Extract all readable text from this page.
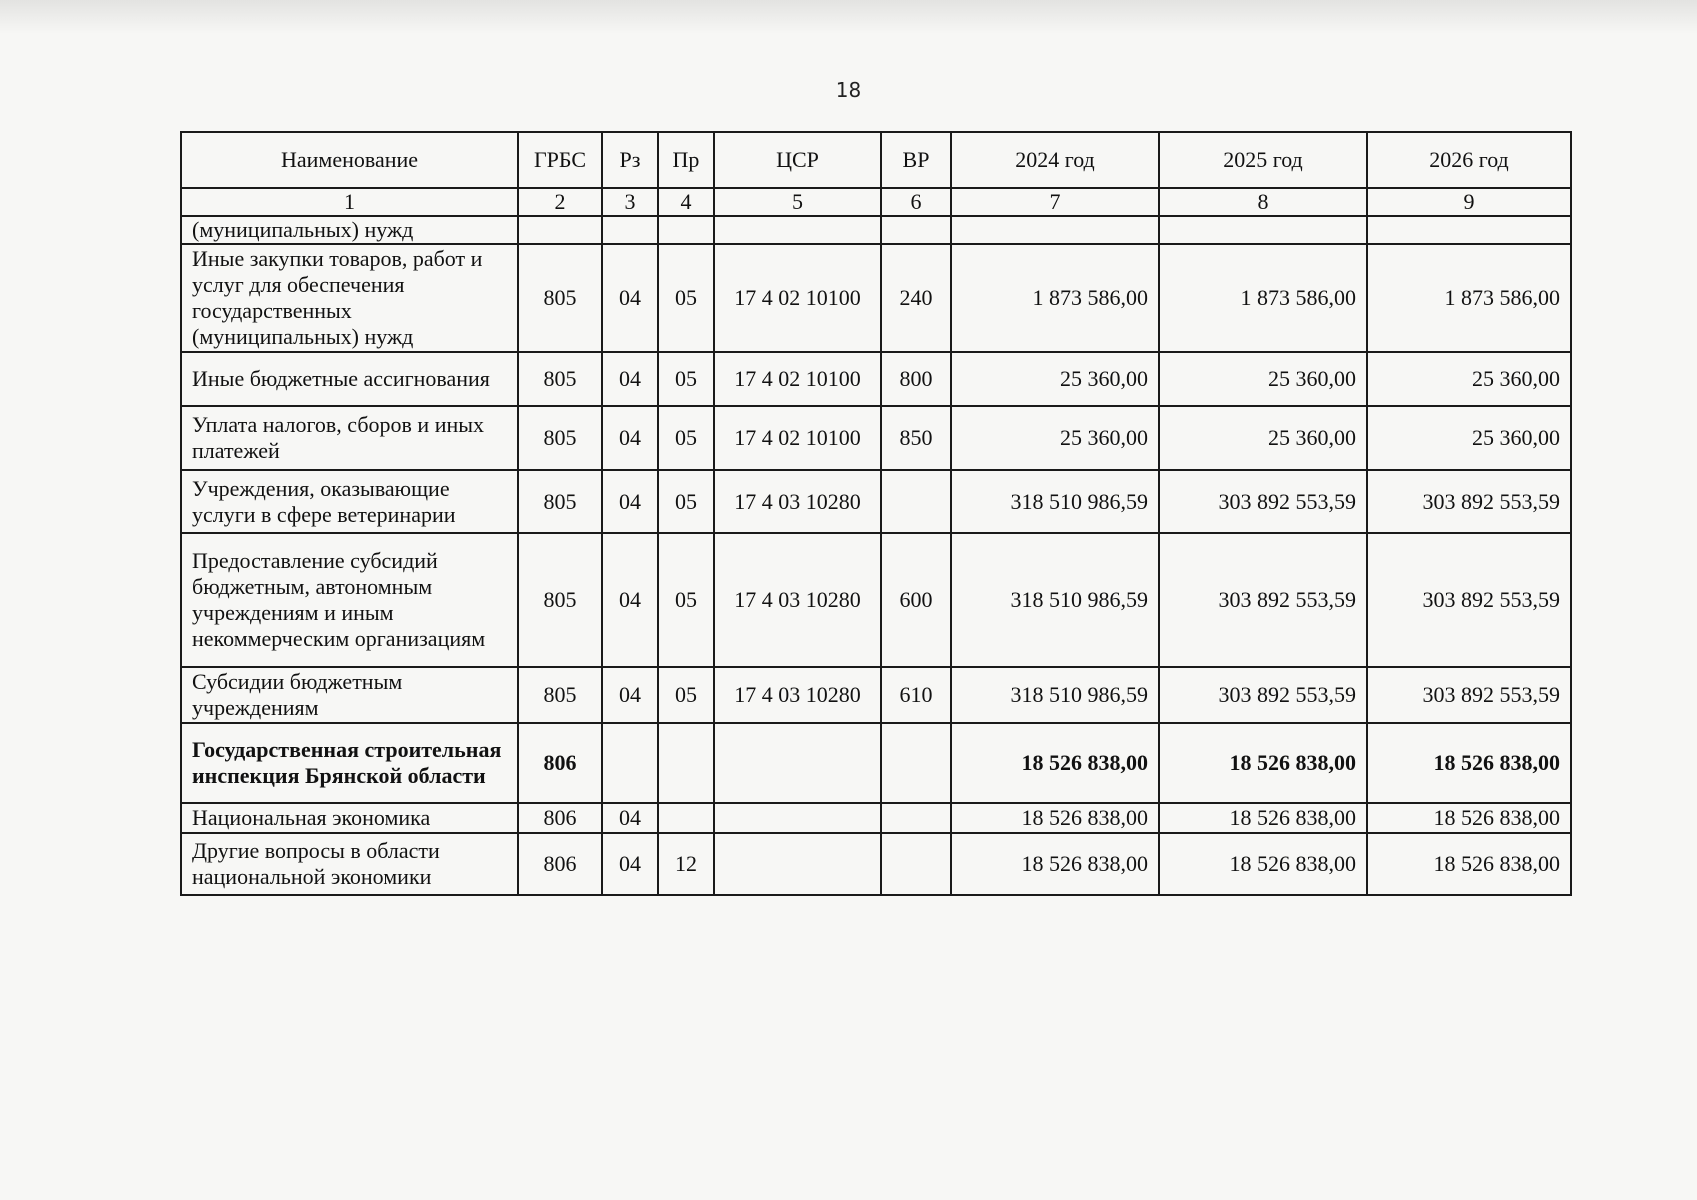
18
Наименование	ГРБС	Рз	Пр	ЦСР	ВР	2024 год	2025 год	2026 год
1	2	3	4	5	6	7	8	9
(муниципальных) нужд								
Иные закупки товаров, работ и услуг для обеспечения государственных (муниципальных) нужд	805	04	05	17 4 02 10100	240	1 873 586,00	1 873 586,00	1 873 586,00
Иные бюджетные ассигнования	805	04	05	17 4 02 10100	800	25 360,00	25 360,00	25 360,00
Уплата налогов, сборов и иных платежей	805	04	05	17 4 02 10100	850	25 360,00	25 360,00	25 360,00
Учреждения, оказывающие услуги в сфере ветеринарии	805	04	05	17 4 03 10280		318 510 986,59	303 892 553,59	303 892 553,59
Предоставление субсидий бюджетным, автономным учреждениям и иным некоммерческим организациям	805	04	05	17 4 03 10280	600	318 510 986,59	303 892 553,59	303 892 553,59
Субсидии бюджетным учреждениям	805	04	05	17 4 03 10280	610	318 510 986,59	303 892 553,59	303 892 553,59
Государственная строительная инспекция Брянской области	806					18 526 838,00	18 526 838,00	18 526 838,00
Национальная экономика	806	04				18 526 838,00	18 526 838,00	18 526 838,00
Другие вопросы в области национальной экономики	806	04	12			18 526 838,00	18 526 838,00	18 526 838,00
